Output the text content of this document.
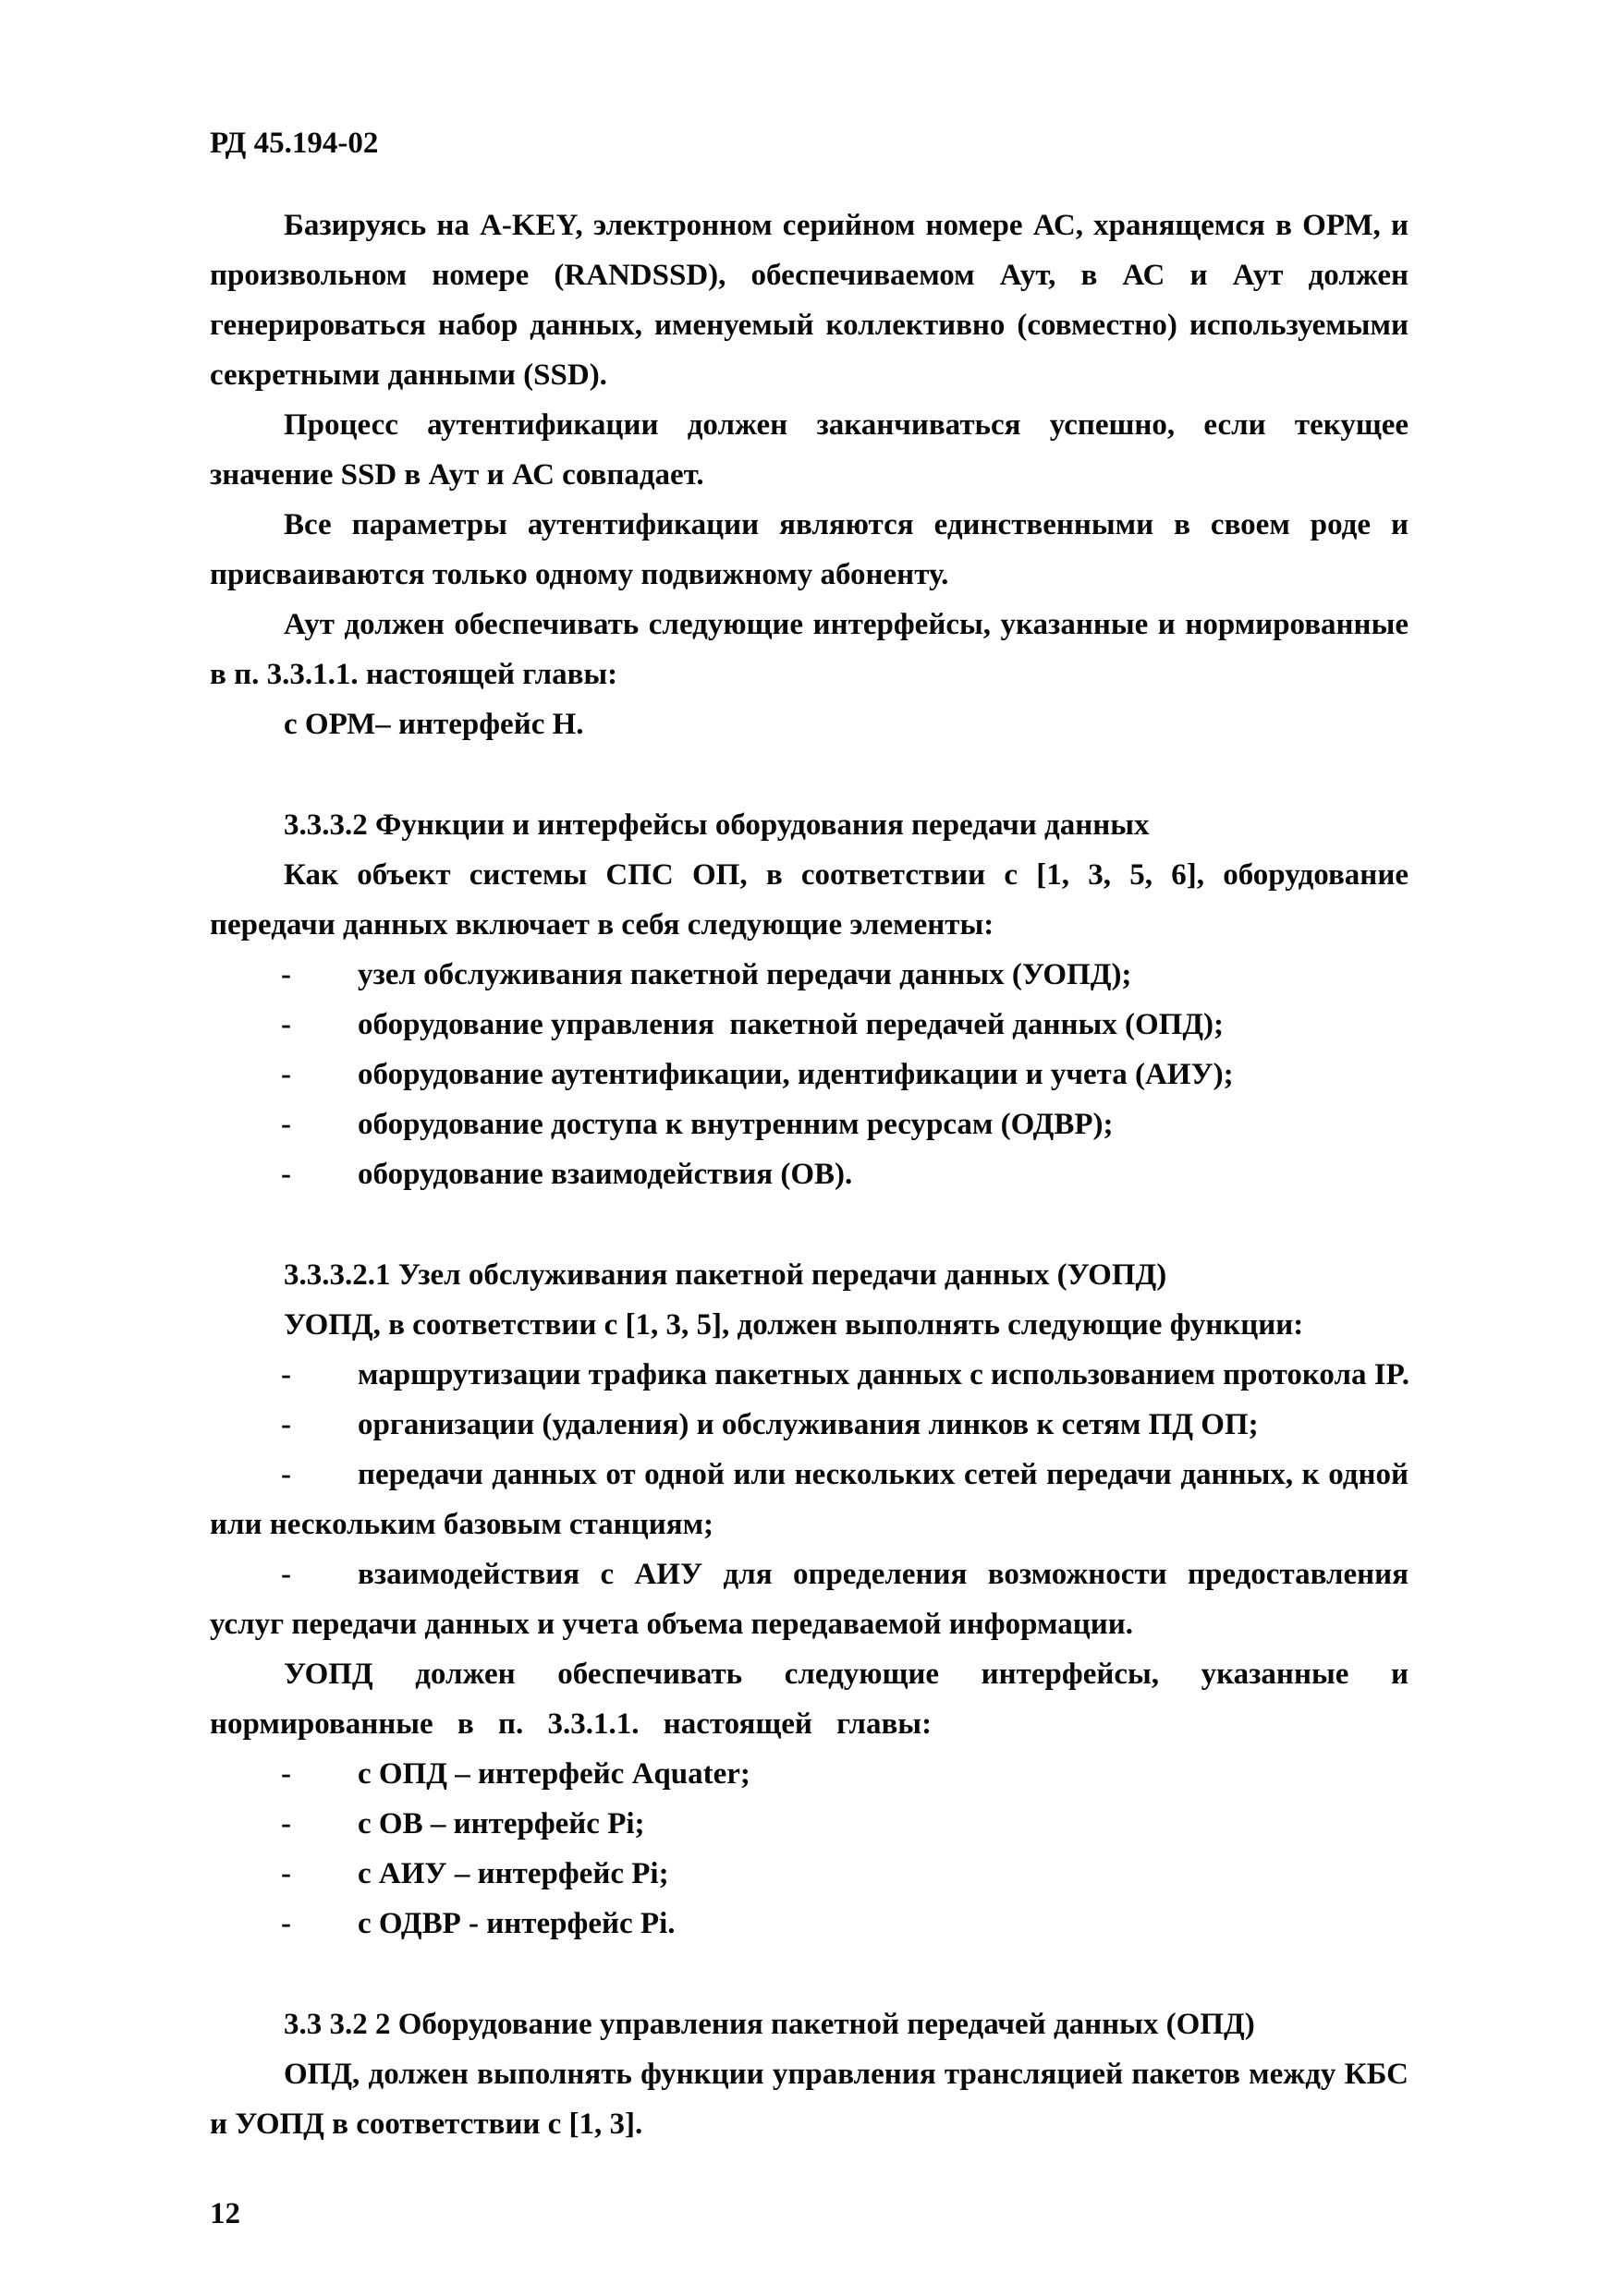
РД 45.194-02

Базируясь на A-KEY, электронном серийном номере АС, хранящемся в ОРМ, и произвольном номере (RANDSSD), обеспечиваемом Аут, в АС и Аут должен генерироваться набор данных, именуемый коллективно (совместно) используемыми секретными данными (SSD).

Процесс аутентификации должен заканчиваться успешно, если текущее значение SSD в Аут и АС совпадает.

Все параметры аутентификации являются единственными в своем роде и присваиваются только одному подвижному абоненту.

Аут должен обеспечивать следующие интерфейсы, указанные и нормированные в п. 3.3.1.1. настоящей главы:

с ОРМ– интерфейс Н.
3.3.3.2 Функции и интерфейсы оборудования передачи данных

Как объект системы СПС ОП, в соответствии с [1, 3, 5, 6], оборудование передачи данных включает в себя следующие элементы:

- узел обслуживания пакетной передачи данных (УОПД);
- оборудование управления  пакетной передачей данных (ОПД);
- оборудование аутентификации, идентификации и учета (АИУ);
- оборудование доступа к внутренним ресурсам (ОДВР);
- оборудование взаимодействия (ОВ).
3.3.3.2.1 Узел обслуживания пакетной передачи данных (УОПД)
УОПД, в соответствии с [1, 3, 5], должен выполнять следующие функции:
- маршрутизации трафика пакетных данных с использованием протокола IP.
- организации (удаления) и обслуживания линков к сетям ПД ОП;
-	передачи данных от одной или нескольких сетей передачи данных, к одной или нескольким базовым станциям;

-	взаимодействия с АИУ для определения возможности предоставления услуг передачи данных и учета объема передаваемой информации.

УОПД должен обеспечивать следующие интерфейсы, указанные и нормированные в п. 3.3.1.1. настоящей главы:

- с ОПД – интерфейс Aquater;
- с ОВ – интерфейс Pi;
- с АИУ – интерфейс Pi;
- с ОДВР - интерфейс Pi.
3.3 3.2 2 Оборудование управления пакетной передачей данных (ОПД)

ОПД, должен выполнять функции управления трансляцией пакетов между КБС и УОПД в соответствии с [1, 3].

12
